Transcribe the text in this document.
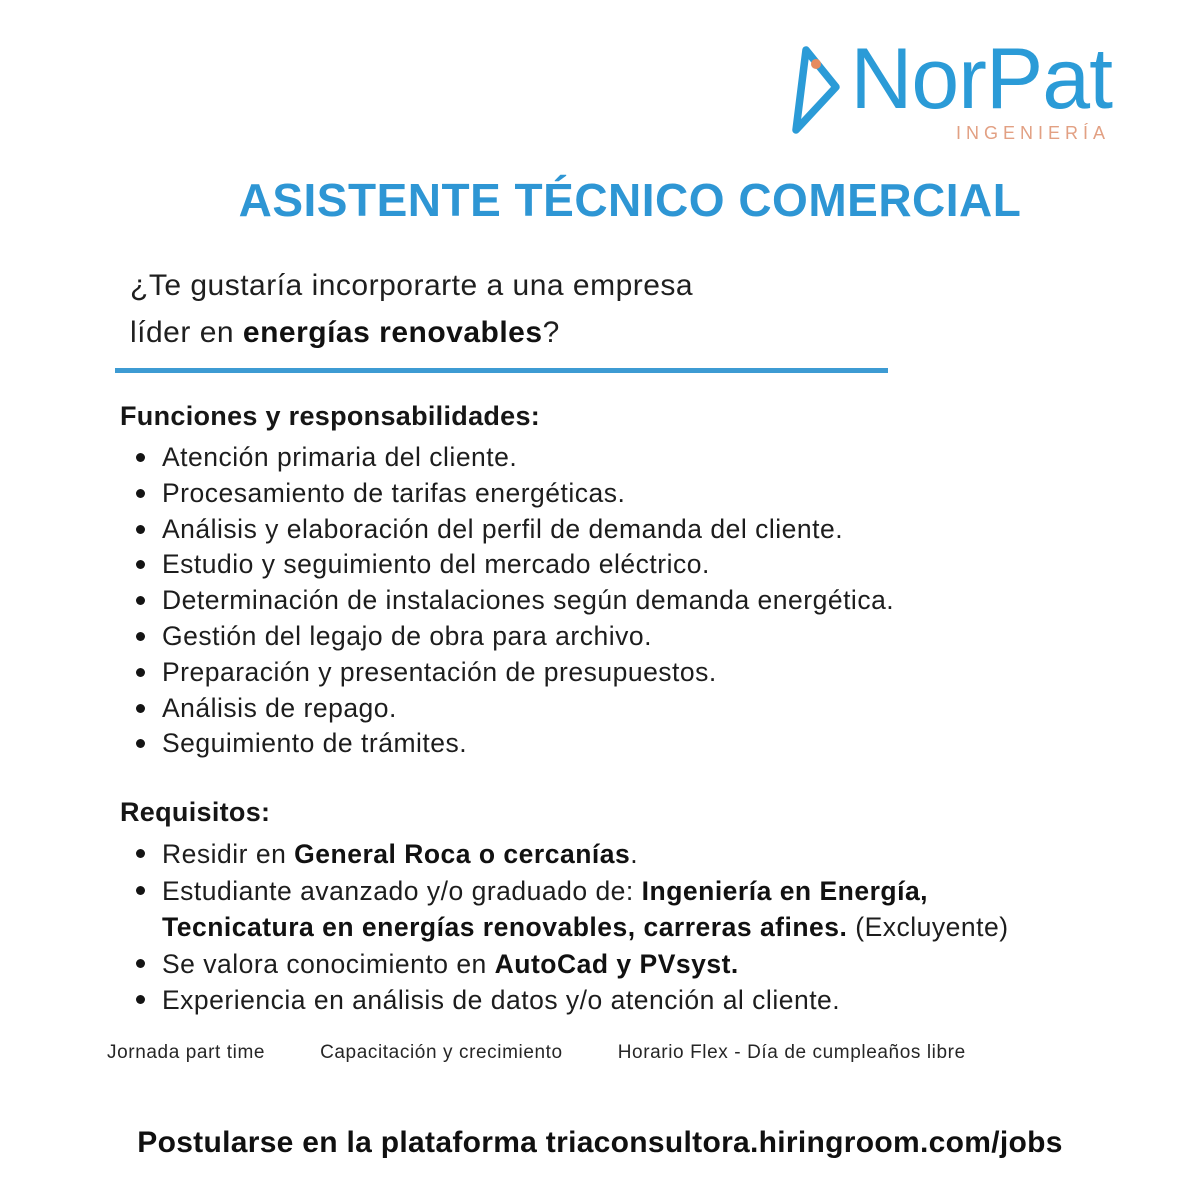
NorPat
INGENIERÍA
ASISTENTE TÉCNICO COMERCIAL
¿Te gustaría incorporarte a una empresa
líder en energías renovables?
Funciones y responsabilidades:
Atención primaria del cliente.
Procesamiento de tarifas energéticas.
Análisis y elaboración del perfil de demanda del cliente.
Estudio y seguimiento del mercado eléctrico.
Determinación de instalaciones según demanda energética.
Gestión del legajo de obra para archivo.
Preparación y presentación de presupuestos.
Análisis de repago.
Seguimiento de trámites.
Requisitos:
Residir en General Roca o cercanías.
Estudiante avanzado y/o graduado de: Ingeniería en Energía,
Tecnicatura en energías renovables, carreras afines. (Excluyente)
Se valora conocimiento en AutoCad y PVsyst.
Experiencia en análisis de datos y/o atención al cliente.
Jornada part time	Capacitación y crecimiento	Horario Flex - Día de cumpleaños libre
Postularse en la plataforma triaconsultora.hiringroom.com/jobs
